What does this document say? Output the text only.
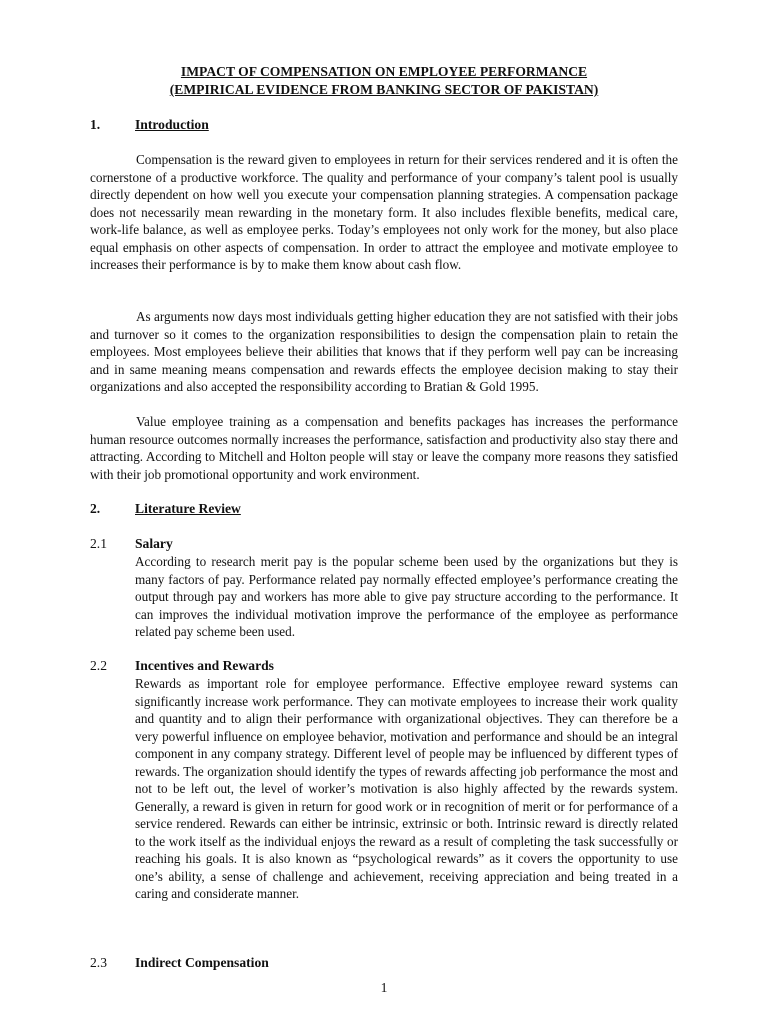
IMPACT OF COMPENSATION ON EMPLOYEE PERFORMANCE
(EMPIRICAL EVIDENCE FROM BANKING SECTOR OF PAKISTAN)
1.	Introduction

Compensation is the reward given to employees in return for their services rendered and it is often the cornerstone of a productive workforce. The quality and performance of your company’s talent pool is usually directly dependent on how well you execute your compensation planning strategies. A compensation package does not necessarily mean rewarding in the monetary form. It also includes flexible benefits, medical care, work-life balance, as well as employee perks. Today’s employees not only work for the money, but also place equal emphasis on other aspects of compensation. In order to attract the employee and motivate employee to increases their performance is by to make them know about cash flow.

As arguments now days most individuals getting higher education they are not satisfied with their jobs and turnover so it comes to the organization responsibilities to design the compensation plain to retain the employees. Most employees believe their abilities that knows that if they perform well pay can be increasing and in same meaning means compensation and rewards effects the employee decision making to stay their organizations and also accepted the responsibility according to Bratian & Gold 1995.

Value employee training as a compensation and benefits packages has increases the performance human resource outcomes normally increases the performance, satisfaction and productivity also stay there and attracting. According to Mitchell and Holton people will stay or leave the company more reasons they satisfied with their job promotional opportunity and work environment.

2.	Literature Review
2.1 Salary

According to research merit pay is the popular scheme been used by the organizations but they is many factors of pay. Performance related pay normally effected employee’s performance creating the output through pay and workers has more able to give pay structure according to the performance. It can improves the individual motivation improve the performance of the employee as performance related pay scheme been used.

2.2 Incentives and Rewards

Rewards as important role for employee performance. Effective employee reward systems can significantly increase work performance. They can motivate employees to increase their work quality and quantity and to align their performance with organizational objectives. They can therefore be a very powerful influence on employee behavior, motivation and performance and should be an integral component in any company strategy. Different level of people may be influenced by different types of rewards. The organization should identify the types of rewards affecting job performance the most and not to be left out, the level of worker’s motivation is also highly affected by the rewards system. Generally, a reward is given in return for good work or in recognition of merit or for performance of a service rendered. Rewards can either be intrinsic, extrinsic or both. Intrinsic reward is directly related to the work itself as the individual enjoys the reward as a result of completing the task successfully or reaching his goals. It is also known as “psychological rewards” as it covers the opportunity to use one’s ability, a sense of challenge and achievement, receiving appreciation and being treated in a caring and considerate manner.

2.3 Indirect Compensation
1
